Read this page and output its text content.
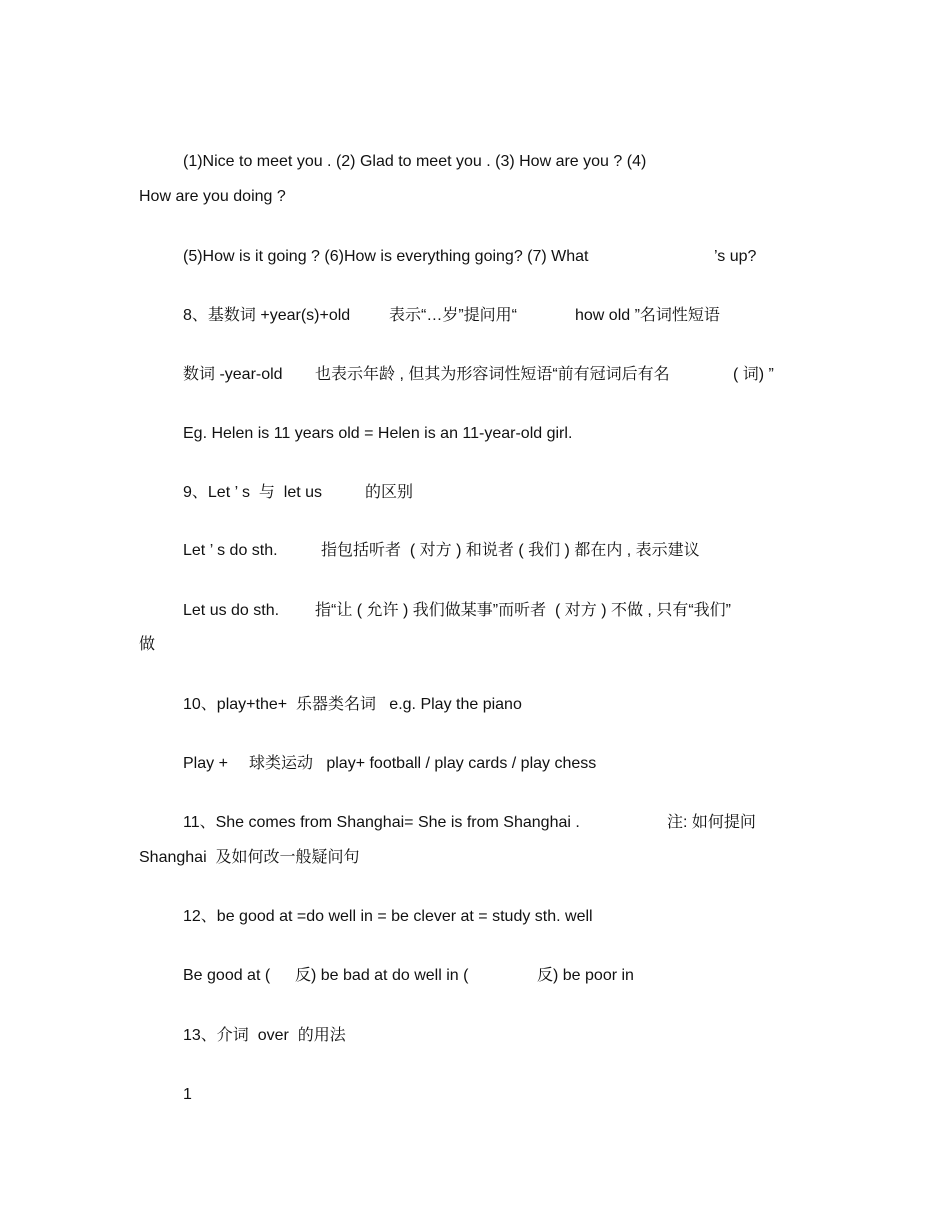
(1)Nice to meet you . (2) Glad to meet you . (3) How are you ? (4)
How are you doing ?
(5)How is it going ? (6)How is everything going? (7) What	’s up?
8、基数词 +year(s)+old 表示“…岁”提问用“	how old ”名词性短语
数词 -year-old 也表示年龄 , 但其为形容词性短语“前有冠词后有名	( 词) ”
Eg. Helen is 11 years old = Helen is an 11-year-old girl.
9、Let ’ s  与  let us	的区别
Let ’ s do sth.	指包括听者  ( 对方 ) 和说者 ( 我们 ) 都在内 , 表示建议
Let us do sth. 指“让 ( 允许 ) 我们做某事”而听者  ( 对方 ) 不做 , 只有“我们”
做
10、play+the+  乐器类名词   e.g. Play the piano
Play + 球类运动   play+ football / play cards / play chess
11、She comes from Shanghai= She is from Shanghai .	注: 如何提问
Shanghai  及如何改一般疑问句
12、be good at =do well in = be clever at = study sth. well
Be good at ( 反) be bad at do well in (	反) be poor in
13、介词  over  的用法
1
